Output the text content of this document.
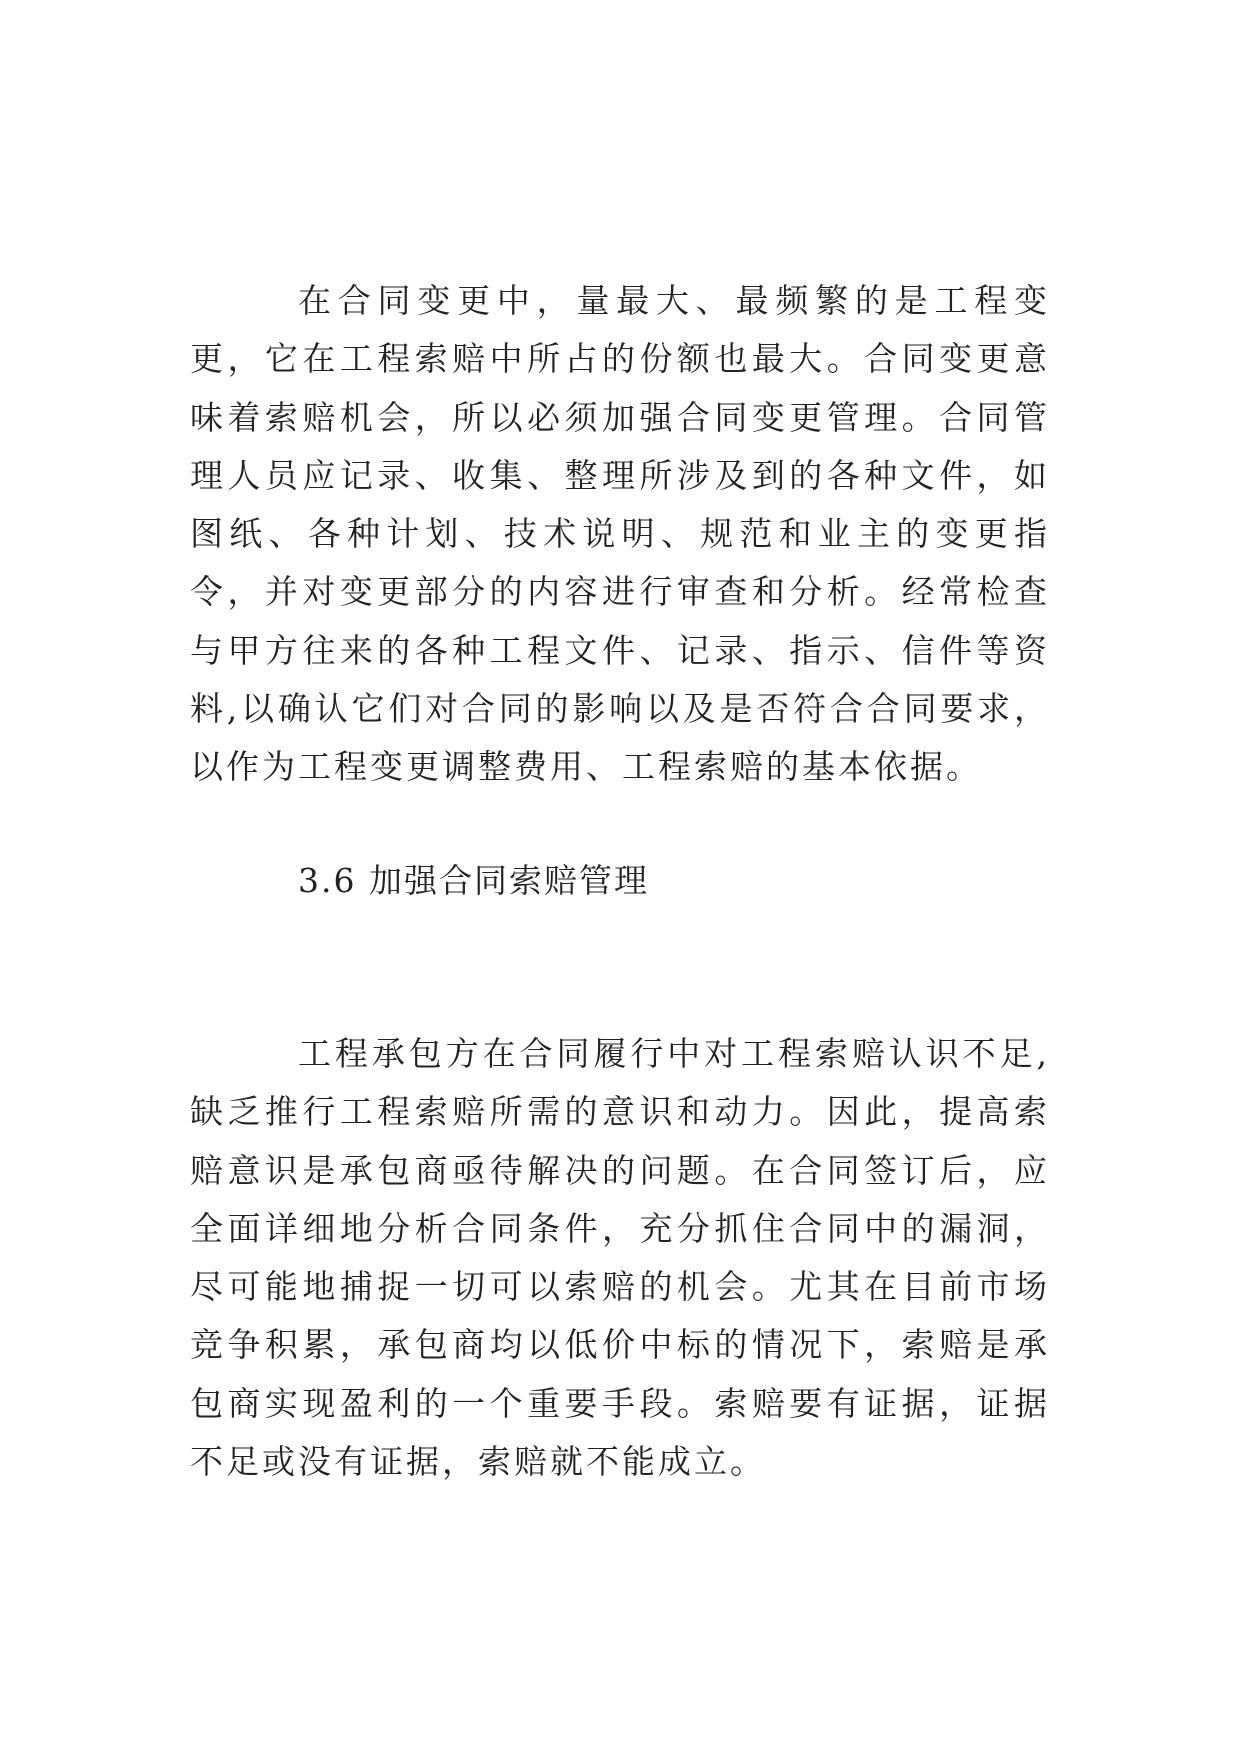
在合同变更中，量最大、最频繁的是工程变更，它在工程索赔中所占的份额也最大。合同变更意味着索赔机会，所以必须加强合同变更管理。合同管理人员应记录、收集、整理所涉及到的各种文件，如图纸、各种计划、技术说明、规范和业主的变更指令，并对变更部分的内容进行审查和分析。经常检查与甲方往来的各种工程文件、记录、指示、信件等资料,以确认它们对合同的影响以及是否符合合同要求，以作为工程变更调整费用、工程索赔的基本依据。

3.6 加强合同索赔管理

工程承包方在合同履行中对工程索赔认识不足,缺乏推行工程索赔所需的意识和动力。因此，提高索赔意识是承包商亟待解决的问题。在合同签订后，应全面详细地分析合同条件，充分抓住合同中的漏洞，尽可能地捕捉一切可以索赔的机会。尤其在目前市场竞争积累，承包商均以低价中标的情况下，索赔是承包商实现盈利的一个重要手段。索赔要有证据，证据不足或没有证据，索赔就不能成立。
